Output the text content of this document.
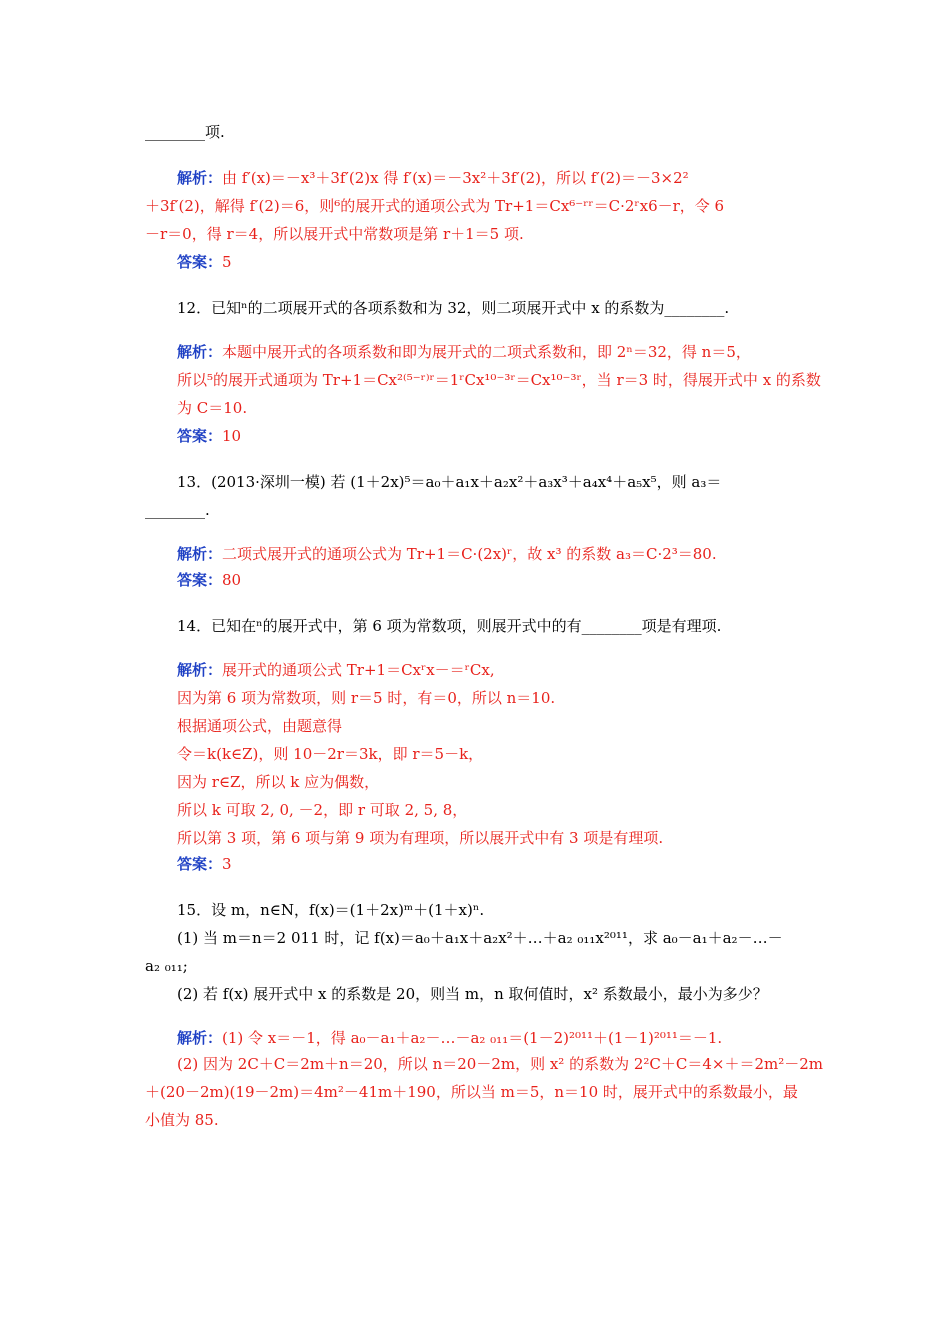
________项.
解析：由 f′(x)＝－x³＋3f′(2)x 得 f′(x)＝－3x²＋3f′(2)，所以 f′(2)＝－3×2²
＋3f′(2)，解得 f′(2)＝6，则⁶的展开式的通项公式为 Tr+1＝Cx⁶⁻ʳʳ＝C·2ʳx6－r，令 6
－r＝0，得 r＝4，所以展开式中常数项是第 r＋1＝5 项.
答案：5
12．已知ⁿ的二项展开式的各项系数和为 32，则二项展开式中 x 的系数为________.
解析：本题中展开式的各项系数和即为展开式的二项式系数和，即 2ⁿ＝32，得 n＝5，
所以⁵的展开式通项为 Tr+1＝Cx²⁽⁵⁻ʳ⁾ʳ＝1ʳCx¹⁰⁻³ʳ＝Cx¹⁰⁻³ʳ，当 r＝3 时，得展开式中 x 的系数
为 C＝10.
答案：10
13．(2013·深圳一模) 若 (1＋2x)⁵＝a₀＋a₁x＋a₂x²＋a₃x³＋a₄x⁴＋a₅x⁵，则 a₃＝
________.
解析：二项式展开式的通项公式为 Tr+1＝C·(2x)ʳ，故 x³ 的系数 a₃＝C·2³＝80.
答案：80
14．已知在ⁿ的展开式中，第 6 项为常数项，则展开式中的有________项是有理项.
解析：展开式的通项公式 Tr+1＝Cxʳx－＝ʳCx,
因为第 6 项为常数项，则 r＝5 时，有＝0，所以 n＝10.
根据通项公式，由题意得
令＝k(k∈Z)，则 10－2r＝3k，即 r＝5－k，
因为 r∈Z，所以 k 应为偶数，
所以 k 可取 2, 0, －2，即 r 可取 2, 5, 8，
所以第 3 项，第 6 项与第 9 项为有理项，所以展开式中有 3 项是有理项.
答案：3
15．设 m，n∈N，f(x)＝(1＋2x)ᵐ＋(1＋x)ⁿ.
(1) 当 m＝n＝2 011 时，记 f(x)＝a₀＋a₁x＋a₂x²＋…＋a₂ ₀₁₁x²⁰¹¹，求 a₀－a₁＋a₂－…－
a₂ ₀₁₁;
(2) 若 f(x) 展开式中 x 的系数是 20，则当 m，n 取何值时，x² 系数最小，最小为多少？
解析：(1) 令 x＝－1，得 a₀－a₁＋a₂－…－a₂ ₀₁₁＝(1－2)²⁰¹¹＋(1－1)²⁰¹¹＝－1.
(2) 因为 2C＋C＝2m＋n＝20，所以 n＝20－2m，则 x² 的系数为 2²C＋C＝4×＋＝2m²－2m
＋(20－2m)(19－2m)＝4m²－41m＋190，所以当 m＝5，n＝10 时，展开式中的系数最小，最
小值为 85.
